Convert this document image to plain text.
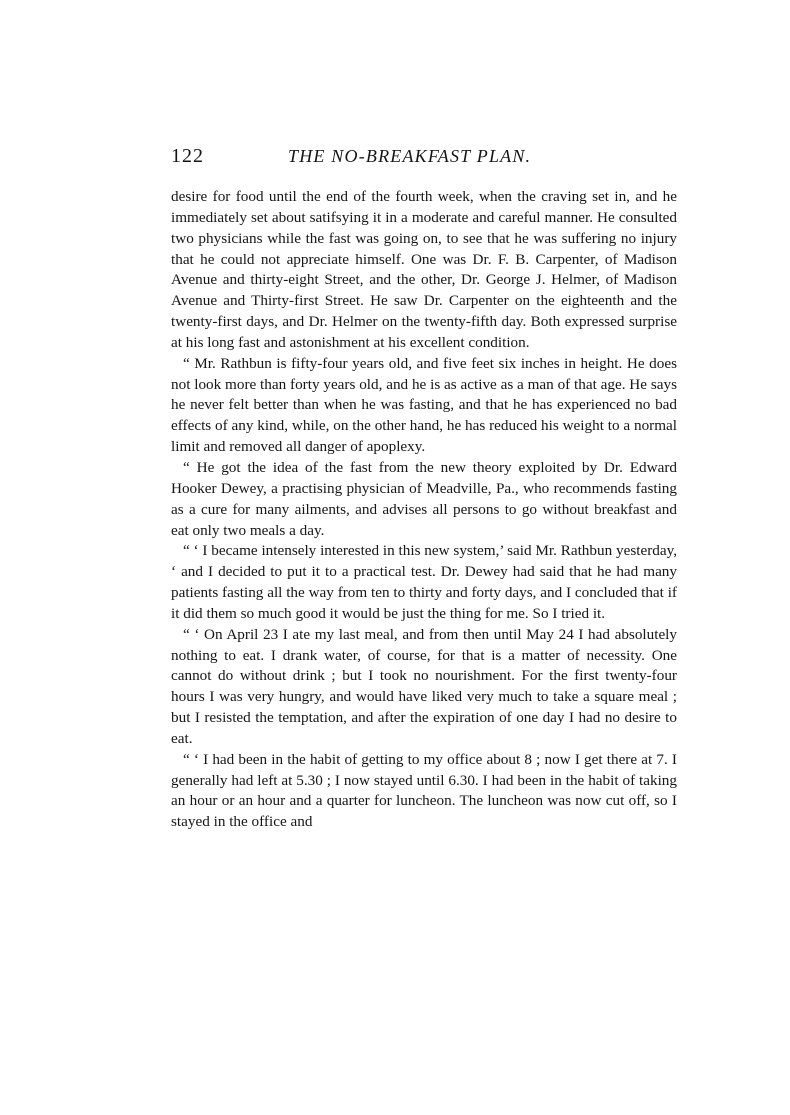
122	THE NO-BREAKFAST PLAN.

desire for food until the end of the fourth week, when the craving set in, and he immediately set about satifsying it in a moderate and careful manner. He consulted two physicians while the fast was going on, to see that he was suffering no injury that he could not appreciate himself. One was Dr. F. B. Carpenter, of Madison Avenue and thirty-eight Street, and the other, Dr. George J. Helmer, of Madison Avenue and Thirty-first Street. He saw Dr. Carpenter on the eighteenth and the twenty-first days, and Dr. Helmer on the twenty-fifth day. Both expressed surprise at his long fast and astonishment at his excellent condition.

“ Mr. Rathbun is fifty-four years old, and five feet six inches in height. He does not look more than forty years old, and he is as active as a man of that age. He says he never felt better than when he was fasting, and that he has experienced no bad effects of any kind, while, on the other hand, he has reduced his weight to a normal limit and removed all danger of apoplexy.

“ He got the idea of the fast from the new theory exploited by Dr. Edward Hooker Dewey, a practising physician of Meadville, Pa., who recommends fasting as a cure for many ailments, and advises all persons to go without breakfast and eat only two meals a day.

“ ‘ I became intensely interested in this new system,’ said Mr. Rathbun yesterday, ‘ and I decided to put it to a practical test. Dr. Dewey had said that he had many patients fasting all the way from ten to thirty and forty days, and I concluded that if it did them so much good it would be just the thing for me. So I tried it.

“ ‘ On April 23 I ate my last meal, and from then until May 24 I had absolutely nothing to eat. I drank water, of course, for that is a matter of necessity. One cannot do without drink ; but I took no nourishment. For the first twenty-four hours I was very hungry, and would have liked very much to take a square meal ; but I resisted the temptation, and after the expiration of one day I had no desire to eat.

“ ‘ I had been in the habit of getting to my office about 8 ; now I get there at 7. I generally had left at 5.30 ; I now stayed until 6.30. I had been in the habit of taking an hour or an hour and a quarter for luncheon. The luncheon was now cut off, so I stayed in the office and
